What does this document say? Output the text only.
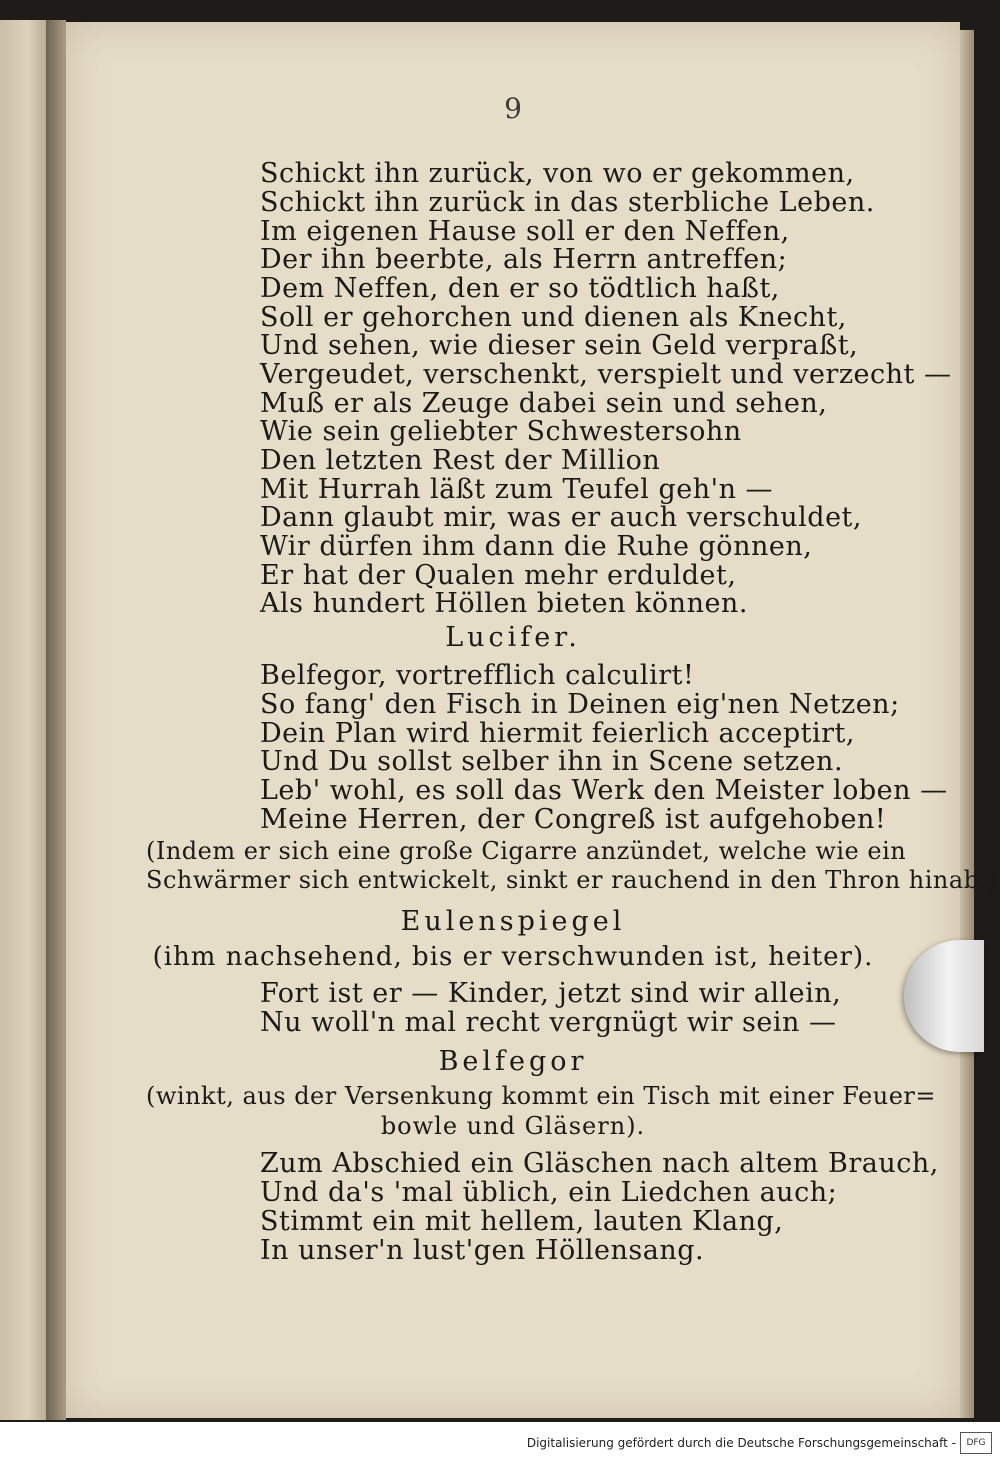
9
Schickt ihn zurück, von wo er gekommen,
Schickt ihn zurück in das sterbliche Leben.
Im eigenen Hause soll er den Neffen,
Der ihn beerbte, als Herrn antreffen;
Dem Neffen, den er so tödtlich haßt,
Soll er gehorchen und dienen als Knecht,
Und sehen, wie dieser sein Geld verpraßt,
Vergeudet, verschenkt, verspielt und verzecht —
Muß er als Zeuge dabei sein und sehen,
Wie sein geliebter Schwestersohn
Den letzten Rest der Million
Mit Hurrah läßt zum Teufel geh'n —
Dann glaubt mir, was er auch verschuldet,
Wir dürfen ihm dann die Ruhe gönnen,
Er hat der Qualen mehr erduldet,
Als hundert Höllen bieten können.
Lucifer.
Belfegor, vortrefflich calculirt!
So fang' den Fisch in Deinen eig'nen Netzen;
Dein Plan wird hiermit feierlich acceptirt,
Und Du sollst selber ihn in Scene setzen.
Leb' wohl, es soll das Werk den Meister loben —
Meine Herren, der Congreß ist aufgehoben!
(Indem er sich eine große Cigarre anzündet, welche wie ein
Schwärmer sich entwickelt, sinkt er rauchend in den Thron hinab.)
Eulenspiegel
(ihm nachsehend, bis er verschwunden ist, heiter).
Fort ist er — Kinder, jetzt sind wir allein,
Nu woll'n mal recht vergnügt wir sein —
Belfegor
(winkt, aus der Versenkung kommt ein Tisch mit einer Feuer=
bowle und Gläsern).
Zum Abschied ein Gläschen nach altem Brauch,
Und da's 'mal üblich, ein Liedchen auch;
Stimmt ein mit hellem, lauten Klang,
In unser'n lust'gen Höllensang.
Digitalisierung gefördert durch die Deutsche Forschungsgemeinschaft -	DFG
